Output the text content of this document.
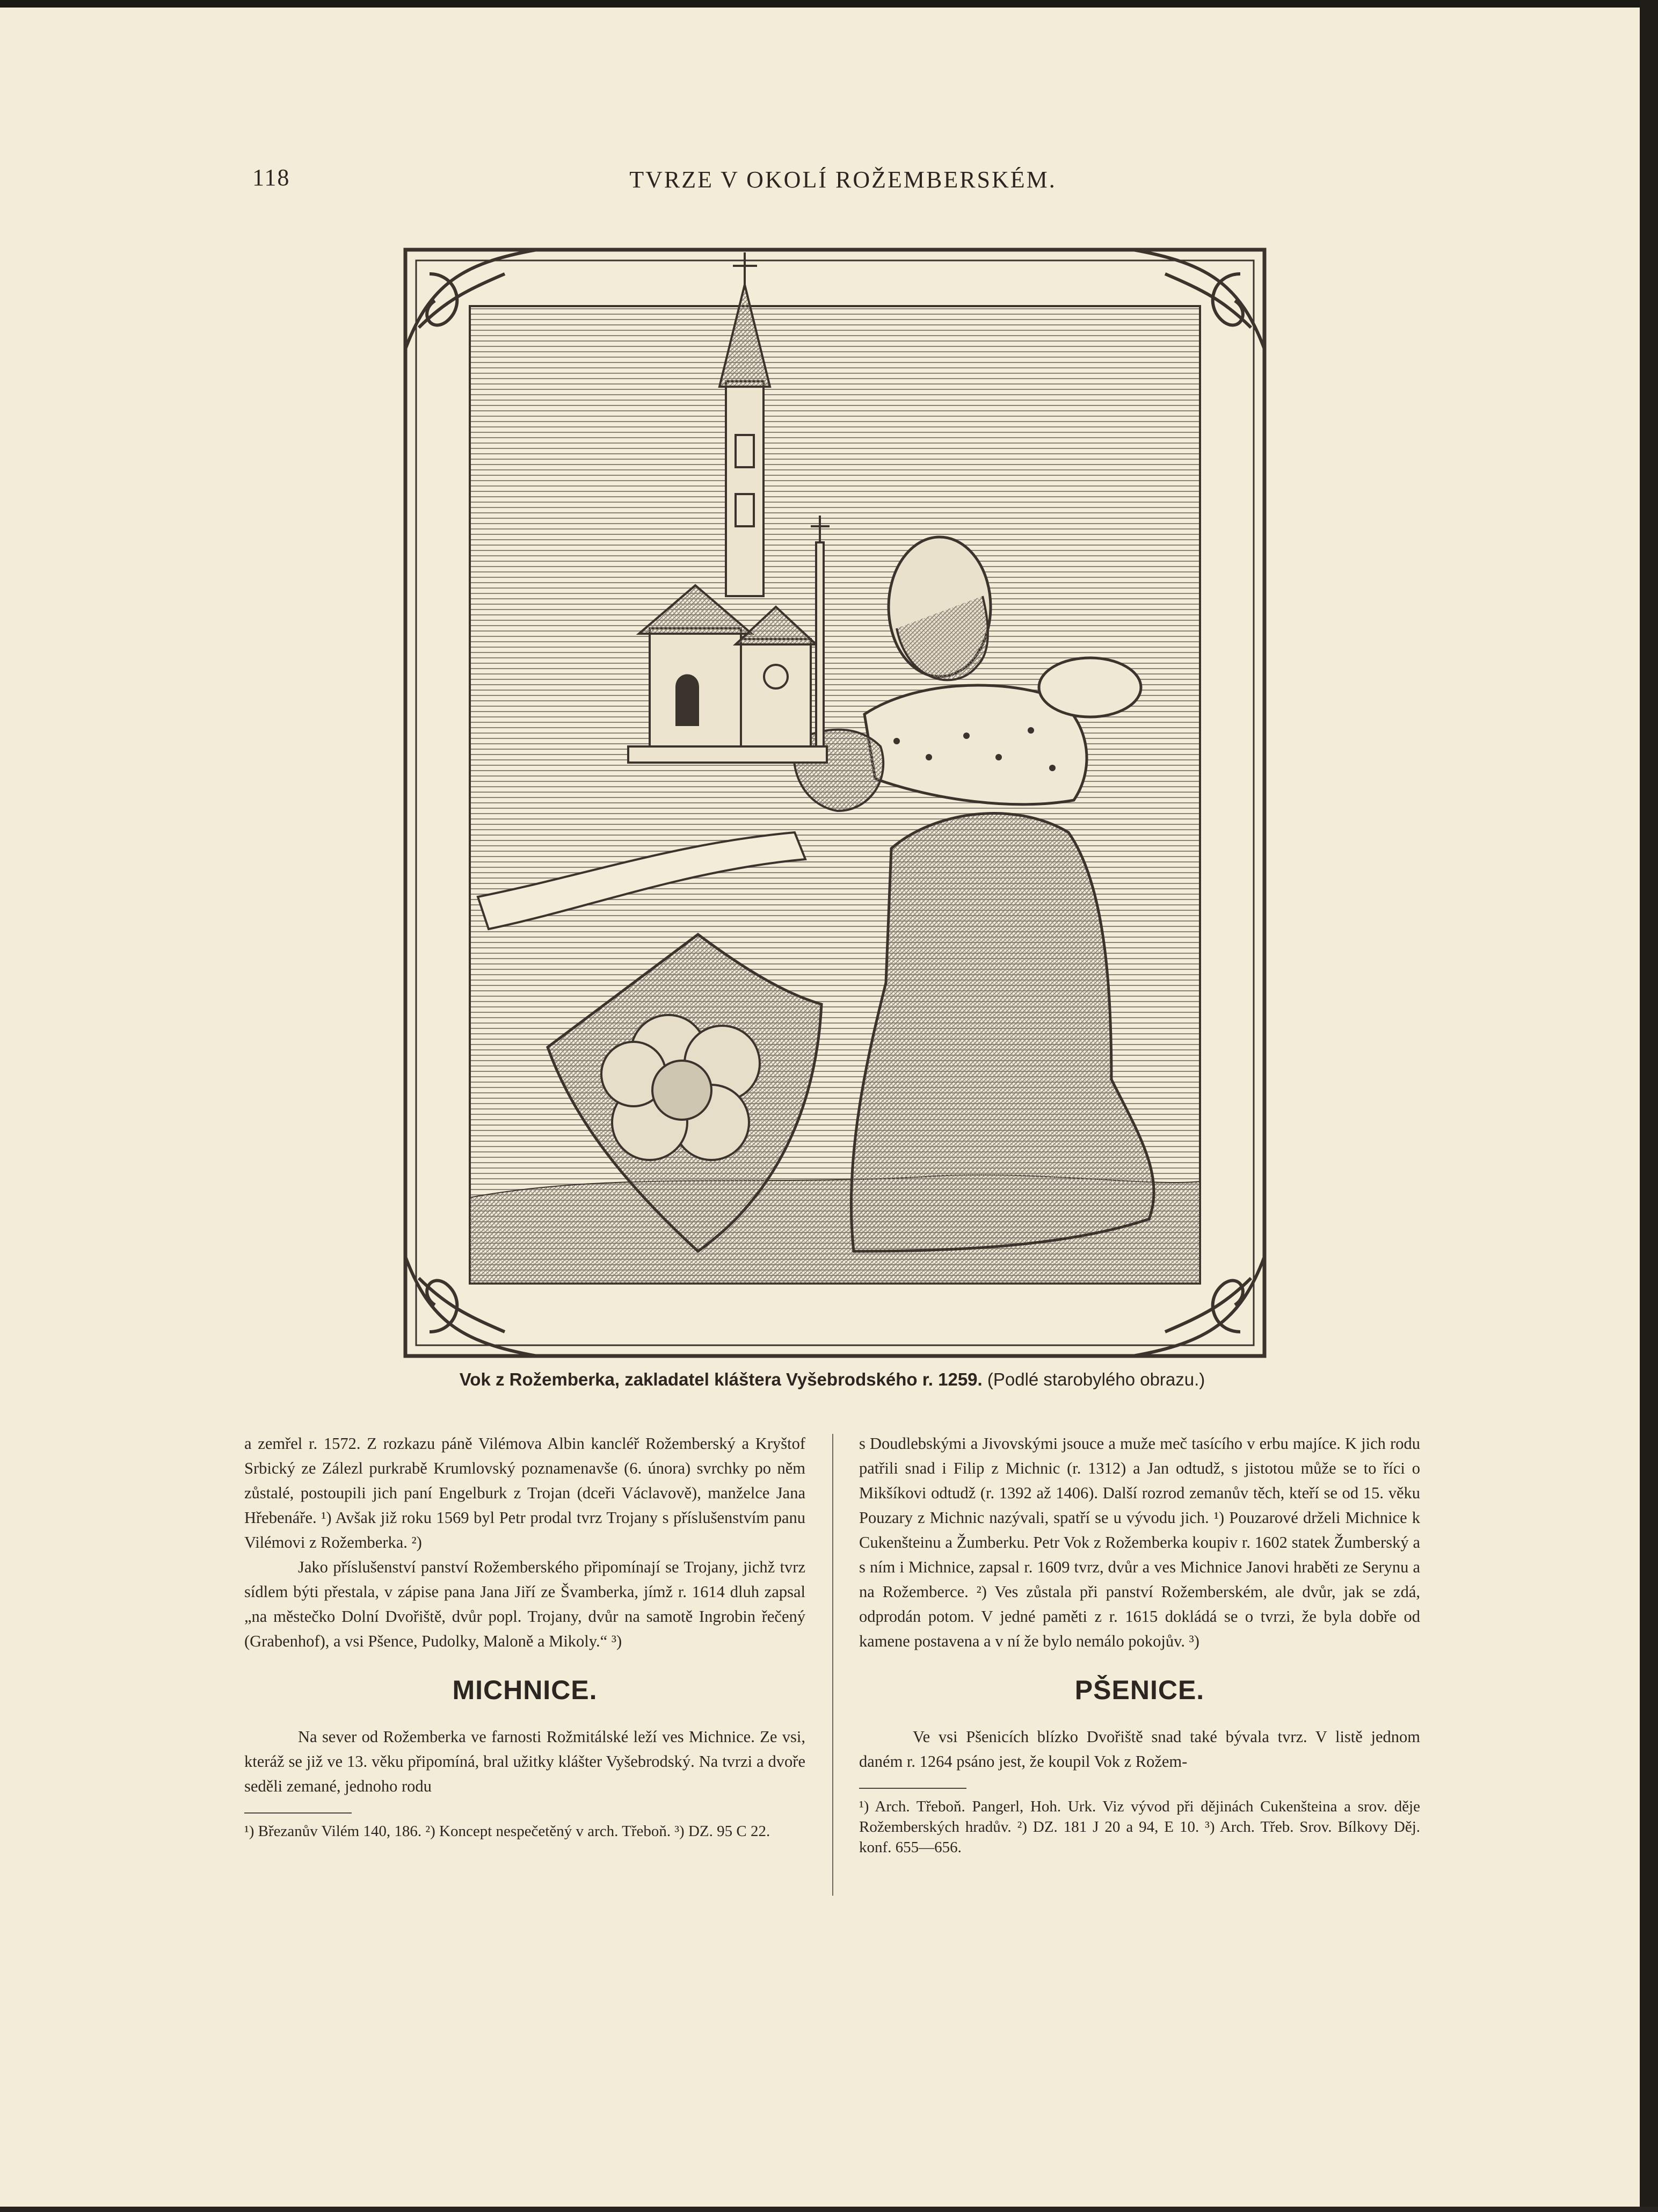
118	TVRZE V OKOLÍ ROŽEMBERSKÉM.
Vok z Rožemberka, zakladatel kláštera Vyšebrodského r. 1259. (Podlé starobylého obrazu.)

a zemřel r. 1572. Z rozkazu páně Vilémova Albin kancléř Rožemberský a Kryštof Srbický ze Zálezl purkrabě Krumlovský poznamenavše (6. února) svrchky po něm zůstalé, postoupili jich paní Engelburk z Trojan (dceři Václavově), manželce Jana Hřebenáře. ¹) Avšak již roku 1569 byl Petr prodal tvrz Trojany s příslušenstvím panu Vilémovi z Rožemberka. ²)

Jako příslušenství panství Rožemberského připomínají se Trojany, jichž tvrz sídlem býti přestala, v zápise pana Jana Jiří ze Švamberka, jímž r. 1614 dluh zapsal „na městečko Dolní Dvořiště, dvůr popl. Trojany, dvůr na samotě Ingrobin řečený (Grabenhof), a vsi Pšence, Pudolky, Maloně a Mikoly.“ ³)

MICHNICE.

Na sever od Rožemberka ve farnosti Rožmitálské leží ves Michnice. Ze vsi, kteráž se již ve 13. věku připomíná, bral užitky klášter Vyšebrodský. Na tvrzi a dvoře seděli zemané, jednoho rodu

¹) Březanův Vilém 140, 186. ²) Koncept nespečetěný v arch. Třeboň. ³) DZ. 95 C 22.

s Doudlebskými a Jivovskými jsouce a muže meč tasícího v erbu majíce. K jich rodu patřili snad i Filip z Michnic (r. 1312) a Jan odtudž, s jistotou může se to říci o Mikšíkovi odtudž (r. 1392 až 1406). Další rozrod zemanův těch, kteří se od 15. věku Pouzary z Michnic nazývali, spatří se u vývodu jich. ¹) Pouzarové drželi Michnice k Cukenšteinu a Žumberku. Petr Vok z Rožemberka koupiv r. 1602 statek Žumberský a s ním i Michnice, zapsal r. 1609 tvrz, dvůr a ves Michnice Janovi hraběti ze Serynu a na Rožemberce. ²) Ves zůstala při panství Rožemberském, ale dvůr, jak se zdá, odprodán potom. V jedné paměti z r. 1615 dokládá se o tvrzi, že byla dobře od kamene postavena a v ní že bylo nemálo pokojův. ³)

PŠENICE.

Ve vsi Pšenicích blízko Dvořiště snad také bývala tvrz. V listě jednom daném r. 1264 psáno jest, že koupil Vok z Rožem-

¹) Arch. Třeboň. Pangerl, Hoh. Urk. Viz vývod při dějinách Cukenšteina a srov. děje Rožemberských hradův. ²) DZ. 181 J 20 a 94, E 10. ³) Arch. Třeb. Srov. Bílkovy Děj. konf. 655—656.
